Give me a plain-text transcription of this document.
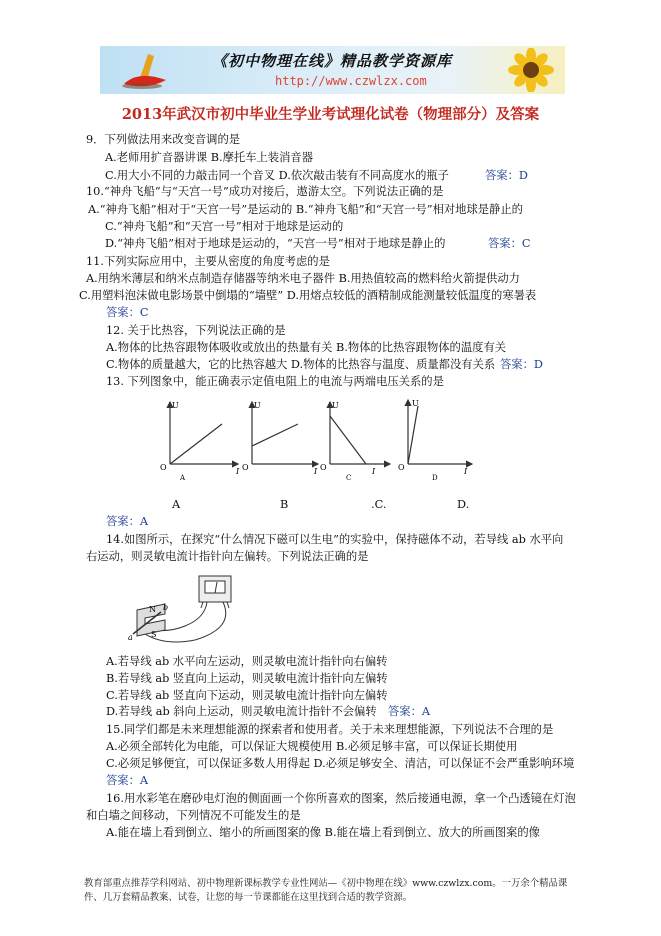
《初中物理在线》精品教学资源库
http://www.czwlzx.com
2013年武汉市初中毕业生学业考试理化试卷（物理部分）及答案
9．下列做法用来改变音调的是
A.老师用扩音器讲课 B.摩托车上装消音器
C.用大小不同的力敲击同一个音叉 D.依次敲击装有不同高度水的瓶子	答案：D
10.“神舟飞船”与“天宫一号”成功对接后，遨游太空。下列说法正确的是
A.“神舟飞船”相对于“天宫一号”是运动的 B.“神舟飞船”和“天宫一号”相对地球是静止的
C.“神舟飞船”和“天宫一号”相对于地球是运动的
D.“神舟飞船”相对于地球是运动的，“天宫一号”相对于地球是静止的	答案：C
11.下列实际应用中，主要从密度的角度考虑的是
A.用纳米薄层和纳米点制造存储器等纳米电子器件 B.用热值较高的燃料给火箭提供动力
C.用塑料泡沫做电影场景中倒塌的“墙壁” D.用熔点较低的酒精制成能测量较低温度的寒暑表
答案：C
12. 关于比热容，下列说法正确的是
A.物体的比热容跟物体吸收或放出的热量有关 B.物体的比热容跟物体的温度有关
C.物体的质量越大，它的比热容越大 D.物体的比热容与温度、质量都没有关系 答案：D
13. 下列图象中，能正确表示定值电阻上的电流与两端电压关系的是
U
O	I
A
U
O	I
U
O	I
C
U
O	I
D
A	B	.C.	D.
答案：A
14.如图所示，在探究“什么情况下磁可以生电”的实验中，保持磁体不动，若导线 ab 水平向
右运动，则灵敏电流计指针向左偏转。下列说法正确的是
N
S
b
a
A.若导线 ab 水平向左运动，则灵敏电流计指针向右偏转
B.若导线 ab 竖直向上运动，则灵敏电流计指针向左偏转
C.若导线 ab 竖直向下运动，则灵敏电流计指针向左偏转
D.若导线 ab 斜向上运动，则灵敏电流计指针不会偏转 答案：A
15.同学们都是未来理想能源的探索者和使用者。关于未来理想能源，下列说法不合理的是
A.必须全部转化为电能，可以保证大规模使用 B.必须足够丰富，可以保证长期使用
C.必须足够便宜，可以保证多数人用得起 D.必须足够安全、清洁，可以保证不会严重影响环境
答案：A
16.用水彩笔在磨砂电灯泡的侧面画一个你所喜欢的图案，然后接通电源，拿一个凸透镜在灯泡
和白墙之间移动，下列情况不可能发生的是
A.能在墙上看到倒立、缩小的所画图案的像 B.能在墙上看到倒立、放大的所画图案的像
教育部重点推荐学科网站、初中物理新课标教学专业性网站—《初中物理在线》www.czwlzx.com。一万余个精品课
件、几万套精品教案、试卷，让您的每一节课都能在这里找到合适的教学资源。
